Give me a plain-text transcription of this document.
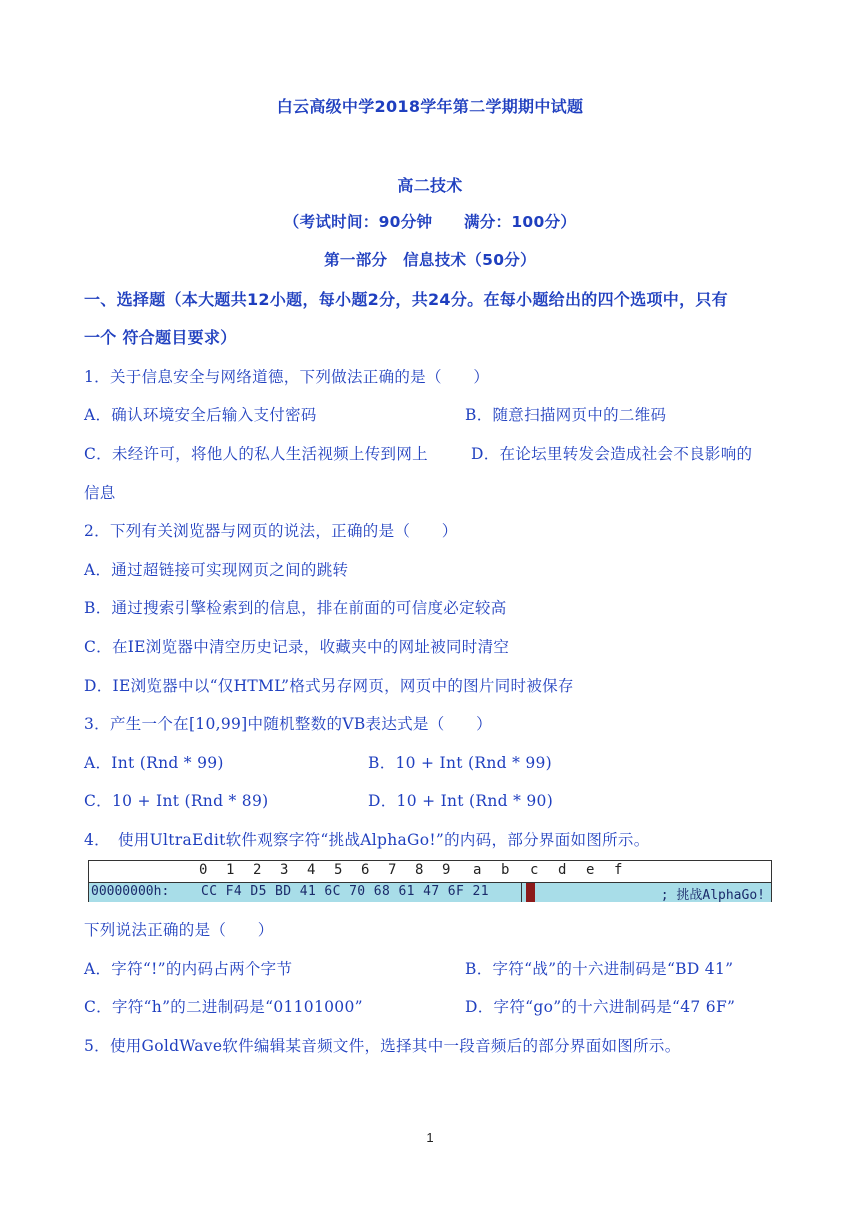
白云高级中学2018学年第二学期期中试题
高二技术
（考试时间：90分钟　　满分：100分）
第一部分　信息技术（50分）
一、选择题（本大题共12小题，每小题2分，共24分。在每小题给出的四个选项中，只有
一个 符合题目要求）
1．关于信息安全与网络道德，下列做法正确的是（　　）
A．确认环境安全后输入支付密码	B．随意扫描网页中的二维码
C．未经许可，将他人的私人生活视频上传到网上	D．在论坛里转发会造成社会不良影响的
信息
2．下列有关浏览器与网页的说法，正确的是（　　）
A．通过超链接可实现网页之间的跳转
B．通过搜索引擎检索到的信息，排在前面的可信度必定较高
C．在IE浏览器中清空历史记录，收藏夹中的网址被同时清空
D．IE浏览器中以“仅HTML”格式另存网页，网页中的图片同时被保存
3．产生一个在[10,99]中随机整数的VB表达式是（　　）
A．Int (Rnd * 99)	B．10 + Int (Rnd * 99)
C．10 + Int (Rnd * 89)	D．10 + Int (Rnd * 90)
4．　使用UltraEdit软件观察字符“挑战AlphaGo!”的内码，部分界面如图所示。
0 1 2 3 4 5 6 7 8 9 a b c d e f
00000000h: CC F4 D5 BD 41 6C 70 68 61 47 6F 21	; 挑战AlphaGo!
下列说法正确的是（　　）
A．字符“!”的内码占两个字节	B．字符“战”的十六进制码是“BD 41”
C．字符“h”的二进制码是“01101000”	D．字符“go”的十六进制码是“47 6F”
5．使用GoldWave软件编辑某音频文件，选择其中一段音频后的部分界面如图所示。
1
